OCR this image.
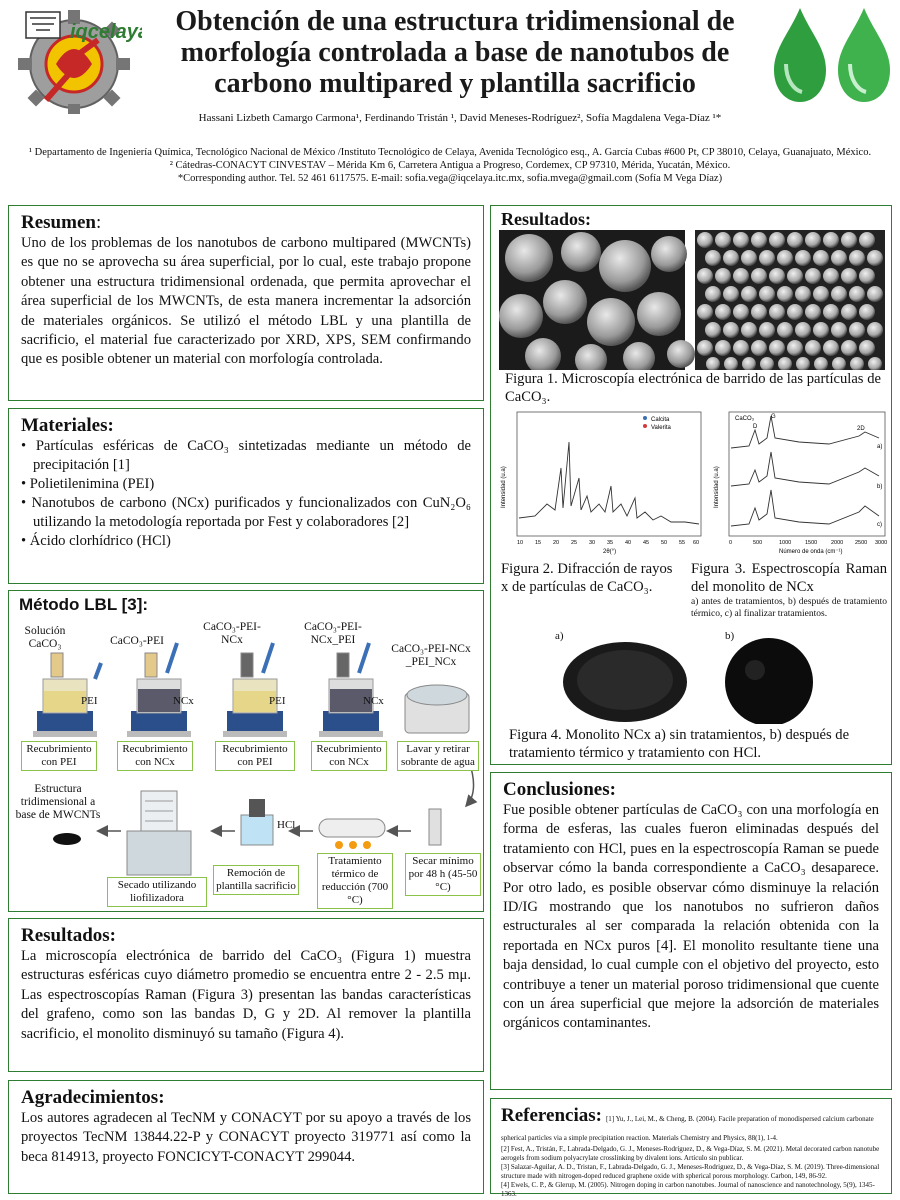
iqcelaya Obtención de una estructura tridimensional de morfología controlada a base de nanotubos de carbono multipared y plantilla sacrificio
Hassani Lizbeth Camargo Carmona¹, Ferdinando Tristán ¹, David Meneses-Rodríguez², Sofía Magdalena Vega-Díaz ¹*
¹ Departamento de Ingeniería Química, Tecnológico Nacional de México /Instituto Tecnológico de Celaya, Avenida Tecnológico esq., A. García Cubas #600 Pt, CP 38010, Celaya, Guanajuato, México.
² Cátedras-CONACYT CINVESTAV – Mérida Km 6, Carretera Antigua a Progreso, Cordemex, CP 97310, Mérida, Yucatán, México.
*Corresponding author. Tel. 52 461 6117575. E-mail: sofia.vega@iqcelaya.itc.mx, sofia.mvega@gmail.com (Sofía M Vega Díaz)
Resumen:

Uno de los problemas de los nanotubos de carbono multipared (MWCNTs) es que no se aprovecha su área superficial, por lo cual, este trabajo propone obtener una estructura tridimensional ordenada, que permita aprovechar el área superficial de los MWCNTs, de esta manera incrementar la adsorción de materiales orgánicos. Se utilizó el método LBL y una plantilla de sacrificio, el material fue caracterizado por XRD, XPS, SEM confirmando que es posible obtener un material con morfología controlada.

Materiales:
• Partículas esféricas de CaCO₃ sintetizadas mediante un método de precipitación [1]
• Polietilenimina (PEI)
• Nanotubos de carbono (NCx) purificados y funcionalizados con CuN₂O₆ utilizando la metodología reportada por Fest y colaboradores [2]
• Ácido clorhídrico (HCl)
Método LBL [3]:
Solución CaCO₃	CaCO₃-PEI
CaCO₃-PEI-NCx
CaCO₃-PEI-NCx_PEI
CaCO₃-PEI-NCx _PEI_NCx
PEI	NCx	PEI	NCx
Recubrimiento con PEI
Recubrimiento con NCx
Recubrimiento con PEI
Recubrimiento con NCx
Lavar y retirar sobrante de agua
Estructura tridimensional a base de MWCNTs
Secado utilizando liofilizadora
HCl
Remoción de plantilla sacrificio
Tratamiento térmico de reducción (700 °C)
Secar mínimo por 48 h (45-50 °C)
Resultados:

La microscopía electrónica de barrido del CaCO₃ (Figura 1) muestra estructuras esféricas cuyo diámetro promedio se encuentra entre 2 - 2.5 mμ. Las espectroscopías Raman (Figura 3) presentan las bandas características del grafeno, como son las bandas D, G y 2D. Al remover la plantilla sacrificio, el monolito disminuyó su tamaño (Figura 4).

Agradecimientos:

Los autores agradecen al TecNM y CONACYT por su apoyo a través de los proyectos TecNM 13844.22-P y CONACYT proyecto 319771 así como la beca 814913, proyecto FONCICYT-CONACYT 299044.

Resultados:
Figura 1. Microscopía electrónica de barrido de las partículas de CaCO₃.
Calcita
Valerita
Intensidad (u.a)
2θ(°)
10 15 20 25 30 35 40 45 50 55 60
CaCO₃
D
G
2D
a)
b)
c)
Intensidad (u.a)
Número de onda (cm⁻¹)
0	500	1000	1500	2000 2500 3000
Figura 2. Difracción de rayos x de partículas de CaCO₃.
Figura 3. Espectroscopía Raman del monolito de NCx
a) antes de tratamientos, b) después de tratamiento térmico, c) al finalizar tratamientos.
a)	b)
Figura 4. Monolito NCx a) sin tratamientos, b) después de tratamiento térmico y tratamiento con HCl.
Conclusiones:

Fue posible obtener partículas de CaCO₃ con una morfología en forma de esferas, las cuales fueron eliminadas después del tratamiento con HCl, pues en la espectroscopía Raman se puede observar cómo la banda correspondiente a CaCO₃ desaparece. Por otro lado, es posible observar cómo disminuye la relación ID/IG mostrando que los nanotubos no sufrieron daños estructurales al ser comparada la relación obtenida con la reportada en NCx puros [4]. El monolito resultante tiene una baja densidad, lo cual cumple con el objetivo del proyecto, esto contribuye a tener un material poroso tridimensional que cuente con un área superficial que mejore la adsorción de materiales orgánicos contaminantes.

Referencias: [1] Yu, J., Lei, M., & Cheng, B. (2004). Facile preparation of monodispersed calcium carbonate spherical particles via a simple precipitation reaction. Materials Chemistry and Physics, 88(1), 1-4.
[2] Fest, A., Tristán, F., Labrada-Delgado, G. J., Meneses-Rodríguez, D., & Vega-Díaz, S. M. (2021). Metal decorated carbon nanotube aerogels from sodium polyacrylate crosslinking by divalent ions. Artículo sin publicar.
[3] Salazar-Aguilar, A. D., Tristan, F., Labrada-Delgado, G. J., Meneses-Rodriguez, D., & Vega-Díaz, S. M. (2019). Three-dimensional structure made with nitrogen-doped reduced graphene oxide with spherical porous morphology. Carbon, 149, 86-92.
[4] Ewels, C. P., & Glerup, M. (2005). Nitrogen doping in carbon nanotubes. Journal of nanoscience and nanotechnology, 5(9), 1345-1363.
